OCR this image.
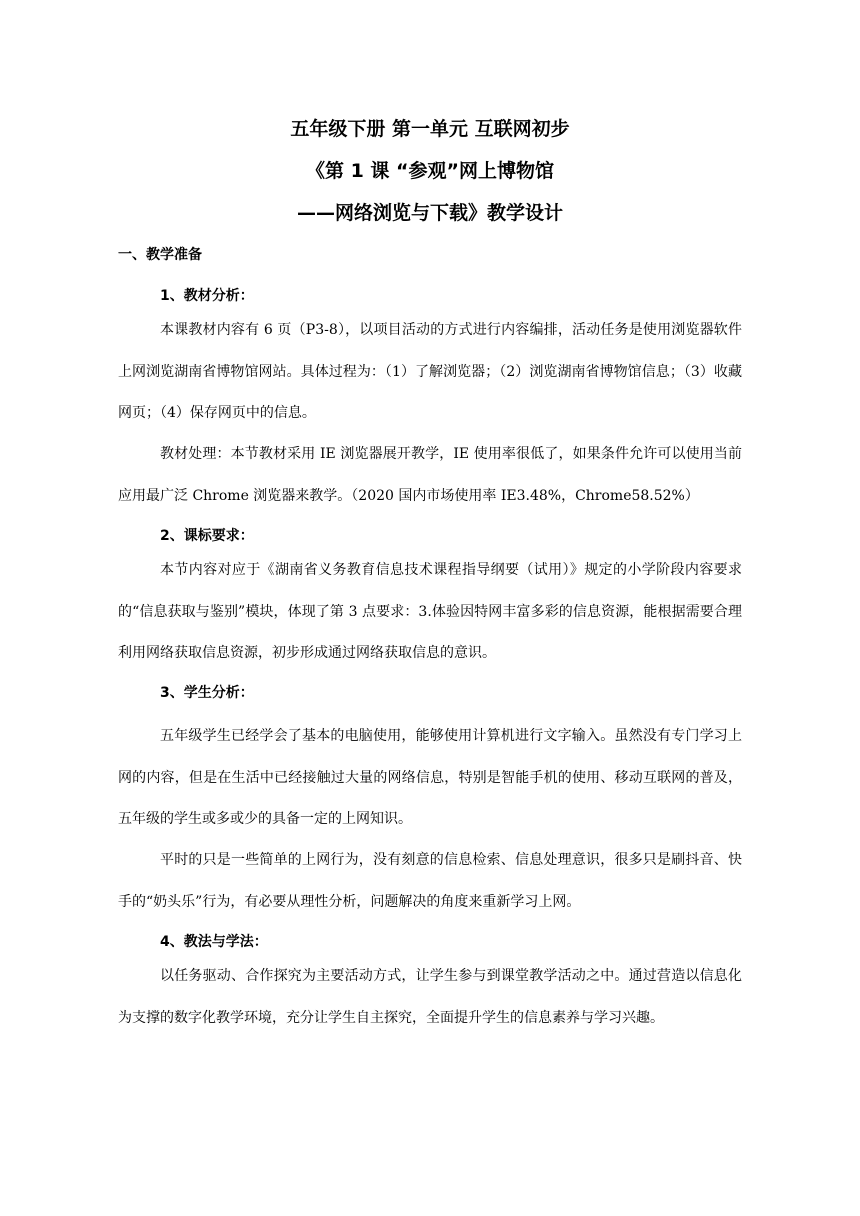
五年级下册 第一单元 互联网初步
《第 1 课 “参观”网上博物馆
——网络浏览与下载》教学设计
一、教学准备
1、教材分析：

本课教材内容有 6 页（P3-8），以项目活动的方式进行内容编排，活动任务是使用浏览器软件上网浏览湖南省博物馆网站。具体过程为：（1）了解浏览器；（2）浏览湖南省博物馆信息；（3）收藏网页；（4）保存网页中的信息。

教材处理：本节教材采用 IE 浏览器展开教学，IE 使用率很低了，如果条件允许可以使用当前应用最广泛 Chrome 浏览器来教学。（2020 国内市场使用率 IE3.48%，Chrome58.52%）

2、课标要求：

本节内容对应于《湖南省义务教育信息技术课程指导纲要（试用）》规定的小学阶段内容要求的“信息获取与鉴别”模块，体现了第 3 点要求：3.体验因特网丰富多彩的信息资源，能根据需要合理利用网络获取信息资源，初步形成通过网络获取信息的意识。

3、学生分析：

五年级学生已经学会了基本的电脑使用，能够使用计算机进行文字输入。虽然没有专门学习上网的内容，但是在生活中已经接触过大量的网络信息，特别是智能手机的使用、移动互联网的普及，五年级的学生或多或少的具备一定的上网知识。

平时的只是一些简单的上网行为，没有刻意的信息检索、信息处理意识，很多只是刷抖音、快手的“奶头乐”行为，有必要从理性分析，问题解决的角度来重新学习上网。

4、教法与学法：

以任务驱动、合作探究为主要活动方式，让学生参与到课堂教学活动之中。通过营造以信息化为支撑的数字化教学环境，充分让学生自主探究，全面提升学生的信息素养与学习兴趣。
